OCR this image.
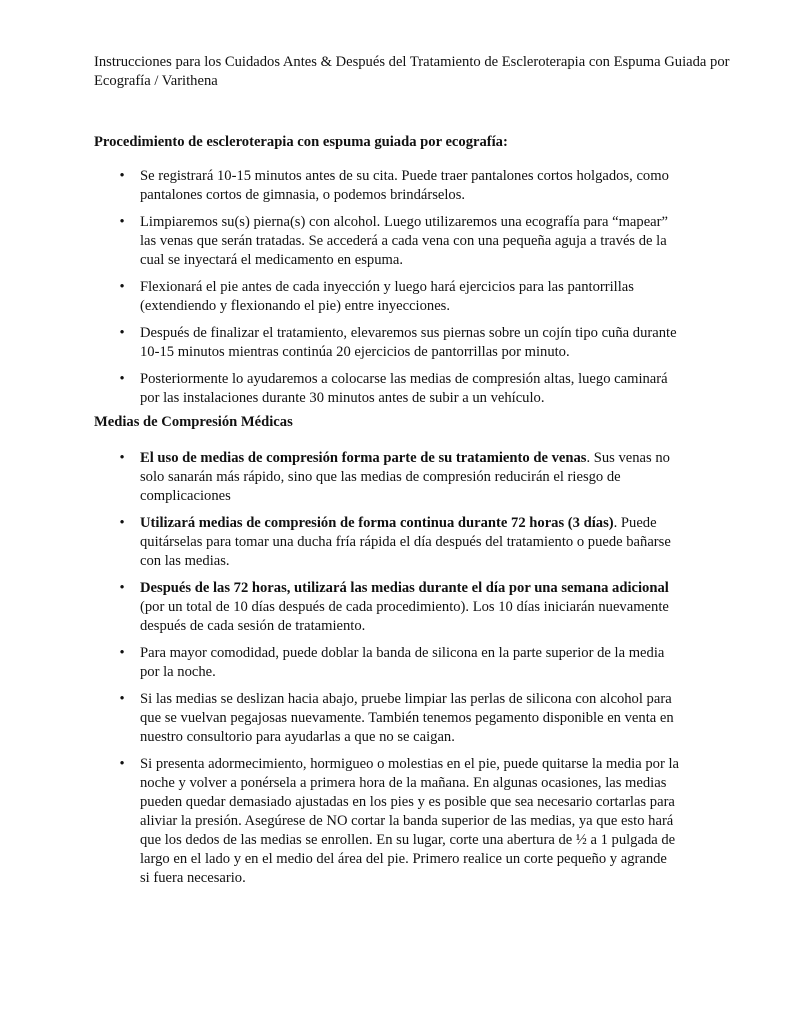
Instrucciones para los Cuidados Antes & Después del Tratamiento de Escleroterapia con Espuma Guiada por Ecografía / Varithena

Procedimiento de escleroterapia con espuma guiada por ecografía:

• Se registrará 10-15 minutos antes de su cita. Puede traer pantalones cortos holgados, como pantalones cortos de gimnasia, o podemos brindárselos.
• Limpiaremos su(s) pierna(s) con alcohol. Luego utilizaremos una ecografía para “mapear” las venas que serán tratadas. Se accederá a cada vena con una pequeña aguja a través de la cual se inyectará el medicamento en espuma.
• Flexionará el pie antes de cada inyección y luego hará ejercicios para las pantorrillas (extendiendo y flexionando el pie) entre inyecciones.
• Después de finalizar el tratamiento, elevaremos sus piernas sobre un cojín tipo cuña durante 10-15 minutos mientras continúa 20 ejercicios de pantorrillas por minuto.
• Posteriormente lo ayudaremos a colocarse las medias de compresión altas, luego caminará por las instalaciones durante 30 minutos antes de subir a un vehículo.

Medias de Compresión Médicas

• El uso de medias de compresión forma parte de su tratamiento de venas. Sus venas no solo sanarán más rápido, sino que las medias de compresión reducirán el riesgo de complicaciones
• Utilizará medias de compresión de forma continua durante 72 horas (3 días). Puede quitárselas para tomar una ducha fría rápida el día después del tratamiento o puede bañarse con las medias.
• Después de las 72 horas, utilizará las medias durante el día por una semana adicional (por un total de 10 días después de cada procedimiento). Los 10 días iniciarán nuevamente después de cada sesión de tratamiento.
• Para mayor comodidad, puede doblar la banda de silicona en la parte superior de la media por la noche.
• Si las medias se deslizan hacia abajo, pruebe limpiar las perlas de silicona con alcohol para que se vuelvan pegajosas nuevamente. También tenemos pegamento disponible en venta en nuestro consultorio para ayudarlas a que no se caigan.
• Si presenta adormecimiento, hormigueo o molestias en el pie, puede quitarse la media por la noche y volver a ponérsela a primera hora de la mañana. En algunas ocasiones, las medias pueden quedar demasiado ajustadas en los pies y es posible que sea necesario cortarlas para aliviar la presión. Asegúrese de NO cortar la banda superior de las medias, ya que esto hará que los dedos de las medias se enrollen. En su lugar, corte una abertura de ½ a 1 pulgada de largo en el lado y en el medio del área del pie. Primero realice un corte pequeño y agrande si fuera necesario.
